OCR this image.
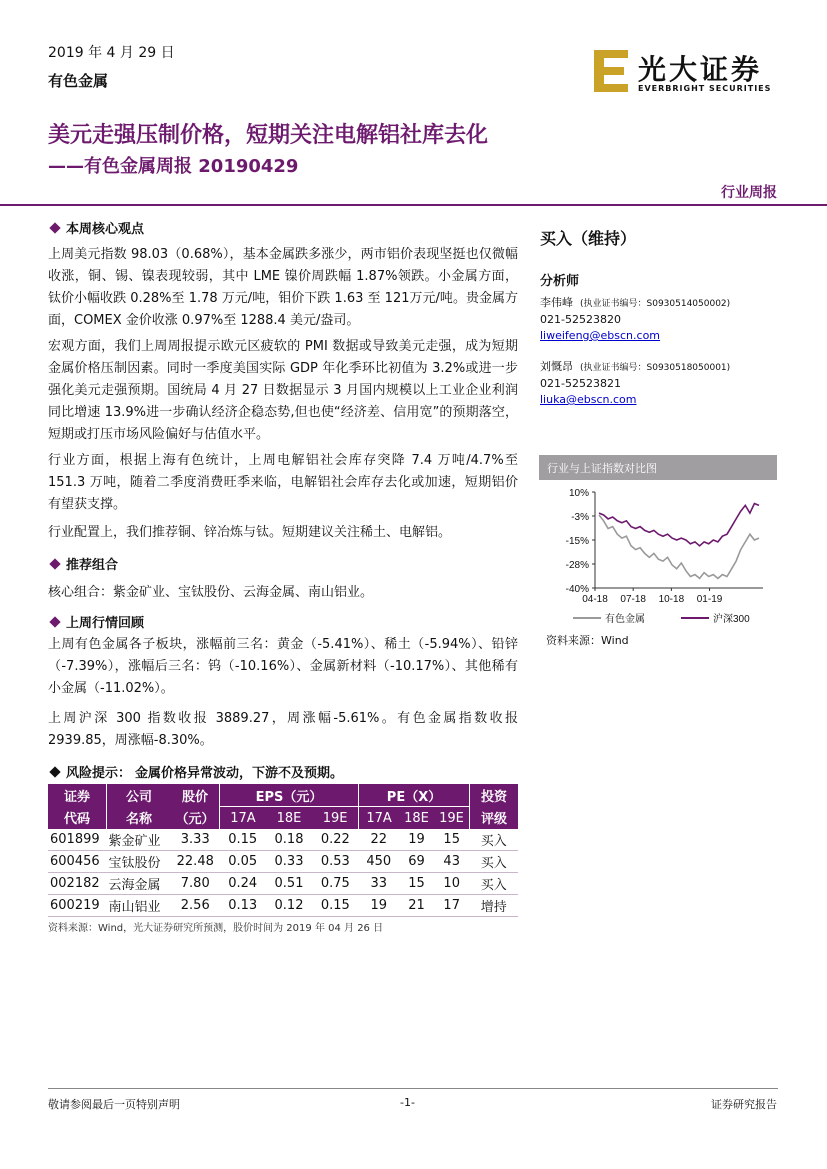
2019 年 4 月 29 日
有色金属	光大证券
EVERBRIGHT SECURITIES
美元走强压制价格，短期关注电解铝社库去化
——有色金属周报 20190429
行业周报
本周核心观点

上周美元指数 98.03（0.68%），基本金属跌多涨少，两市铝价表现坚挺也仅微幅收涨，铜、锡、镍表现较弱，其中 LME 镍价周跌幅 1.87%领跌。小金属方面，钛价小幅收跌 0.28%至 1.78 万元/吨，钼价下跌 1.63 至 121万元/吨。贵金属方面，COMEX 金价收涨 0.97%至 1288.4 美元/盎司。

宏观方面，我们上周周报提示欧元区疲软的 PMI 数据或导致美元走强，成为短期金属价格压制因素。同时一季度美国实际 GDP 年化季环比初值为 3.2%或进一步强化美元走强预期。国统局 4 月 27 日数据显示 3 月国内规模以上工业企业利润同比增速 13.9%进一步确认经济企稳态势,但也使“经济差、信用宽”的预期落空，短期或打压市场风险偏好与估值水平。

行业方面，根据上海有色统计，上周电解铝社会库存突降 7.4 万吨/4.7%至 151.3 万吨，随着二季度消费旺季来临，电解铝社会库存去化或加速，短期铝价有望获支撑。

行业配置上，我们推荐铜、锌冶炼与钛。短期建议关注稀土、电解铝。

推荐组合

核心组合：紫金矿业、宝钛股份、云海金属、南山铝业。

上周行情回顾

上周有色金属各子板块，涨幅前三名：黄金（-5.41%）、稀土（-5.94%）、铅锌（-7.39%），涨幅后三名：钨（-10.16%）、金属新材料（-10.17%）、其他稀有小金属（-11.02%）。

上周沪深 300 指数收报 3889.27，周涨幅-5.61%。有色金属指数收报 2939.85，周涨幅-8.30%。

风险提示： 金属价格异常波动，下游不及预期。
证券	公司	股价	EPS（元）			PE（X）			投资
代码	名称	（元）	17A	18E	19E	17A	18E	19E	评级
601899	紫金矿业	3.33	0.15	0.18	0.22	22	19	15	买入
600456	宝钛股份	22.48	0.05	0.33	0.53	450	69	43	买入
002182	云海金属	7.80	0.24	0.51	0.75	33	15	10	买入
600219	南山铝业	2.56	0.13	0.12	0.15	19	21	17	增持
资料来源：Wind，光大证券研究所预测，股价时间为 2019 年 04 月 26 日
买入（维持）
分析师
李伟峰 (执业证书编号：S0930514050002)
021-52523820
liweifeng@ebscn.com
刘慨昂 (执业证书编号：S0930518050001)
021-52523821
liuka@ebscn.com
行业与上证指数对比图
10%
-3%
-15%
-28%
-40%
04-18 07-18 10-18 01-19
有色金属	沪深300
资料来源：Wind
敬请参阅最后一页特别声明	-1-	证券研究报告
